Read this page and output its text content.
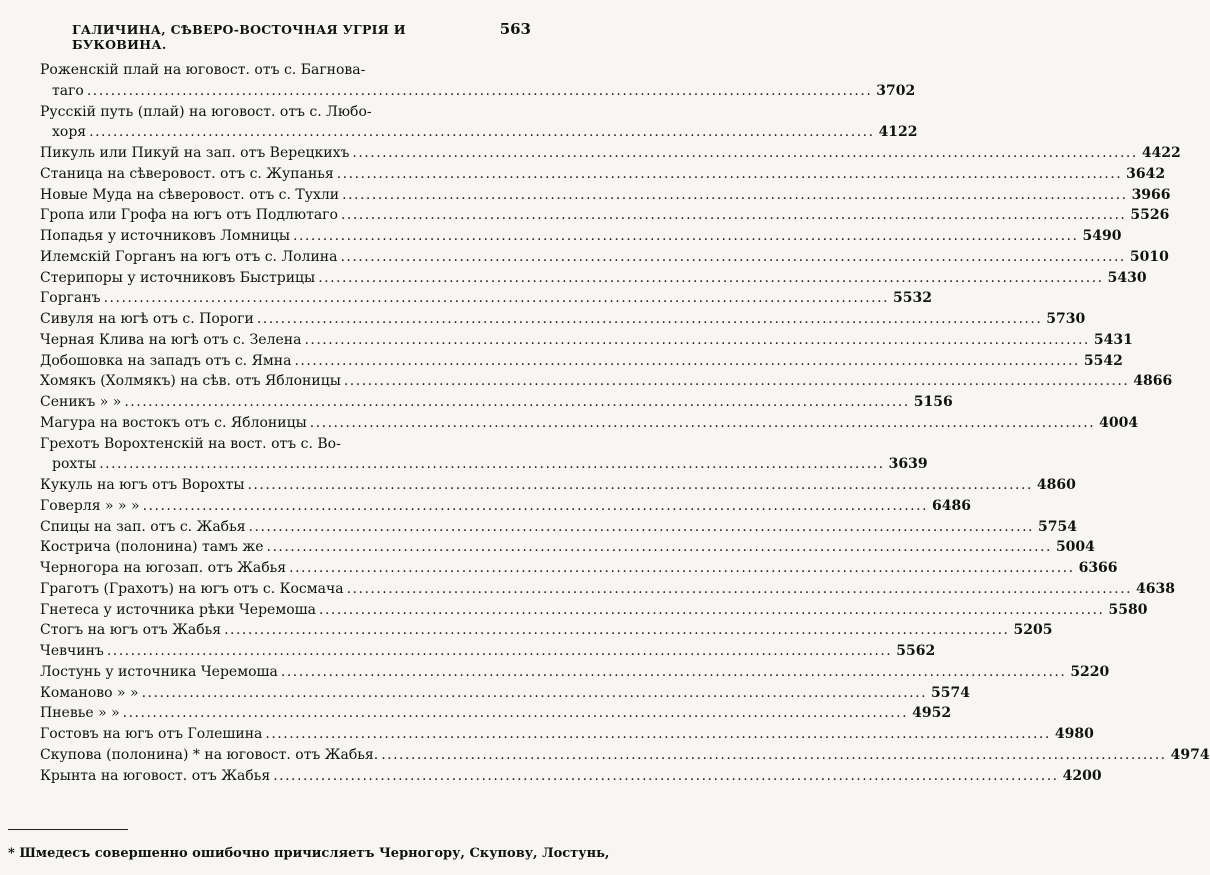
ГАЛИЧИНА, СѢВЕРО-ВОСТОЧНАЯ УГРІЯ И БУКОВИНА.
563
Роженскій плай на юговост. отъ с. Багнова-
таго .....	3702
Русскій путь (плай) на юговост. отъ с. Любо-
хоря .....	4122
Пикуль или Пикуй на зап. отъ Верецкихъ .....	4422
Станица на сѣверовост. отъ с. Жупанья .....	3642
Новые Муда на сѣверовост. отъ с. Тухли .....	3966
Гропа или Грофа на югъ отъ Подлютаго .....	5526
Попадья у источниковъ Ломницы .....	5490
Илемскій Горганъ на югъ отъ с. Лолина .....	5010
Стерипоры у источниковъ Быстрицы .....	5430
Горганъ .....	5532
Сивуля на югѣ отъ с. Пороги .....	5730
Черная Клива на югѣ отъ с. Зелена .....	5431
Добошовка на западъ отъ с. Ямна .....	5542
Хомякъ (Холмякъ) на сѣв. отъ Яблоницы .....	4866
Сеникъ » » .....	5156
Магура на востокъ отъ с. Яблоницы .....	4004
Грехотъ Ворохтенскій на вост. отъ с. Во-
рохты .....	3639
Кукуль на югъ отъ Ворохты .....	4860
Говерля » » » .....	6486
Спицы на зап. отъ с. Жабья .....	5754
Кострича (полонина) тамъ же .....	5004
Черногора на югозап. отъ Жабья .....	6366
Граготъ (Грахотъ) на югъ отъ с. Космача .....	4638
Гнетеса у источника рѣки Черемоша .....	5580
Стогъ на югъ отъ Жабья .....	5205
Чевчинъ .....	5562
Лостунь у источника Черемоша .....	5220
Команово » » .....	5574
Пневье » » .....	4952
Гостовъ на югъ отъ Голешина .....	4980
Скупова (полонина) * на юговост. отъ Жабья. .....	4974
Крынта на юговост. отъ Жабья .....	4200
* Шмедесъ совершенно ошибочно причисляетъ Черногору, Скупову, Лостунь,
